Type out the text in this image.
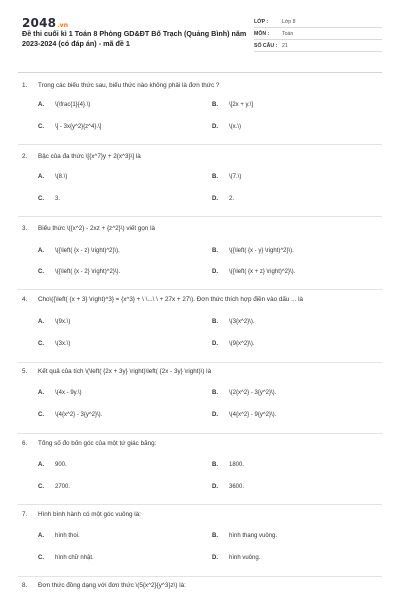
2048.vn
Đề thi cuối kì 1 Toán 8 Phòng GD&ĐT Bố Trạch (Quảng Bình) năm 2023-2024 (có đáp án) - mã đề 1
LỚP :	Lớp 8
MÔN :	Toán
SỐ CÂU : 21
1. Trong các biểu thức sau, biểu thức nào không phải là đơn thức ?
A. \(\frac{1}{4}.\)	B. \[2x + y.\]
C. \[ - 3x{y^2}{z^4}.\]	D. \(x.\)
2. Bậc của đa thức \[{x^7}y + 2{x^3}\] là
A. \(8.\)	B. \(7.\)
C. 3.	D. 2.
3. Biểu thức \({x^2} - 2xz + {z^2}\) viết gọn là
A. \({\left( {x - z} \right)^2}\).	B. \({\left( {x - y} \right)^2}\).
C. \({\left( {x - 2} \right)^2}\).	D. \({\left( {x + z} \right)^2}\).
4. Cho\({\left( {x + 3} \right)^3} = {x^3} + \ \...\ \ + 27x + 27\). Đơn thức thích hợp điền vào dấu ... là
A. \(9x.\)	B. \(3{x^2}\).
C. \(3x.\)	D. \(9{x^2}\).
5. Kết quả của tích \(\left( {2x + 3y} \right)\left( {2x - 3y} \right)\) là
A. \(4x - 9y.\)	B. \(2{x^2} - 3{y^2}\).
C. \(4{x^2} - 3{y^2}\).	D. \(4{x^2} - 9{y^2}\).
6. Tổng số đo bốn góc của một tứ giác bằng:
A. 900.	B. 1800.
C. 2700.	D. 3600.
7. Hình bình hành có một góc vuông là:
A. hình thoi.	B. hình thang vuông.
C. hình chữ nhật.	D. hình vuông.
8. Đơn thức đồng dạng với đơn thức \(5{x^2}{y^3}z\) là:
